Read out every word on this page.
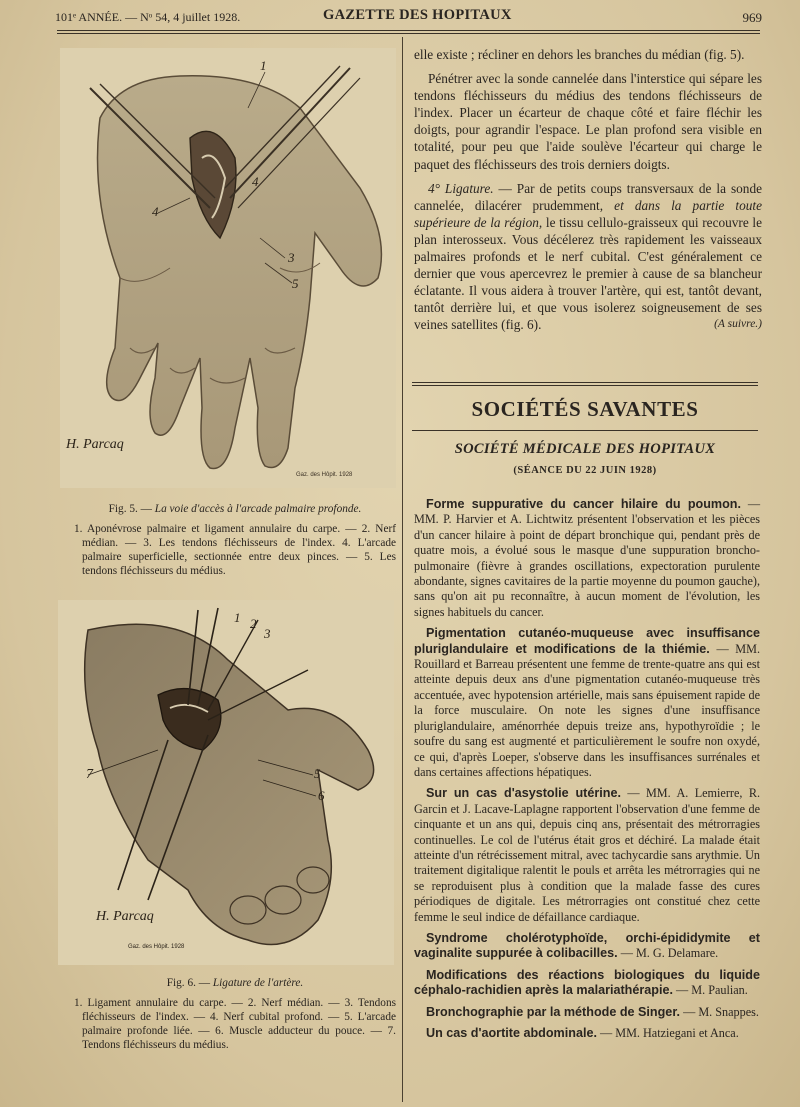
101ᵉ ANNÉE. — Nᵒ 54, 4 juillet 1928.	GAZETTE DES HOPITAUX	969
1
4
4
3
5
H. Parcaq
Gaz. des Hôpit. 1928
Fig. 5. — La voie d'accès à l'arcade palmaire profonde.

1. Aponévrose palmaire et ligament annulaire du carpe. — 2. Nerf médian. — 3. Les tendons fléchisseurs de l'index. 4. L'arcade palmaire superficielle, sectionnée entre deux pinces. — 5. Les tendons fléchisseurs du médius.

1 2
3
7	5
6
H. Parcaq
Gaz. des Hôpit. 1928
Fig. 6. — Ligature de l'artère.

1. Ligament annulaire du carpe. — 2. Nerf médian. — 3. Tendons fléchisseurs de l'index. — 4. Nerf cubital profond. — 5. L'arcade palmaire profonde liée. — 6. Muscle adducteur du pouce. — 7. Tendons fléchisseurs du médius.

elle existe ; récliner en dehors les branches du médian (fig. 5).

Pénétrer avec la sonde cannelée dans l'interstice qui sépare les tendons fléchisseurs du médius des tendons fléchisseurs de l'index. Placer un écarteur de chaque côté et faire fléchir les doigts, pour agrandir l'espace. Le plan profond sera visible en totalité, pour peu que l'aide soulève l'écarteur qui charge le paquet des fléchisseurs des trois derniers doigts.

4° Ligature. — Par de petits coups transversaux de la sonde cannelée, dilacérer prudemment, et dans la partie toute supérieure de la région, le tissu cellulo-graisseux qui recouvre le plan interosseux. Vous décélerez très rapidement les vaisseaux palmaires profonds et le nerf cubital. C'est généralement ce dernier que vous apercevrez le premier à cause de sa blancheur éclatante. Il vous aidera à trouver l'artère, qui est, tantôt devant, tantôt derrière lui, et que vous isolerez soigneusement de ses veines satellites (fig. 6).	(A suivre.)

SOCIÉTÉS SAVANTES
SOCIÉTÉ MÉDICALE DES HOPITAUX
(SÉANCE DU 22 JUIN 1928)

Forme suppurative du cancer hilaire du poumon. — MM. P. Harvier et A. Lichtwitz présentent l'observation et les pièces d'un cancer hilaire à point de départ bronchique qui, pendant près de quatre mois, a évolué sous le masque d'une suppuration broncho-pulmonaire (fièvre à grandes oscillations, expectoration purulente abondante, signes cavitaires de la partie moyenne du poumon gauche), sans qu'on ait pu reconnaître, à aucun moment de l'évolution, les signes habituels du cancer.

Pigmentation cutanéo-muqueuse avec insuffisance pluriglandulaire et modifications de la thiémie. — MM. Rouillard et Barreau présentent une femme de trente-quatre ans qui est atteinte depuis deux ans d'une pigmentation cutanéo-muqueuse très accentuée, avec hypotension artérielle, mais sans épuisement rapide de la force musculaire. On note les signes d'une insuffisance pluriglandulaire, aménorrhée depuis treize ans, hypothyroïdie ; le soufre du sang est augmenté et particulièrement le soufre non oxydé, ce qui, d'après Loeper, s'observe dans les insuffisances surrénales et dans certaines affections hépatiques.

Sur un cas d'asystolie utérine. — MM. A. Lemierre, R. Garcin et J. Lacave-Laplagne rapportent l'observation d'une femme de cinquante et un ans qui, depuis cinq ans, présentait des métrorragies continuelles. Le col de l'utérus était gros et déchiré. La malade était atteinte d'un rétrécissement mitral, avec tachycardie sans arythmie. Un traitement digitalique ralentit le pouls et arrêta les métrorragies qui ne se reproduisent plus à condition que la malade fasse des cures périodiques de digitale. Les métrorragies ont constitué chez cette femme le seul indice de défaillance cardiaque.

Syndrome cholérotyphoïde, orchi-épididymite et vaginalite suppurée à colibacilles. — M. G. Delamare.

Modifications des réactions biologiques du liquide céphalo-rachidien après la malariathérapie. — M. Paulian.

Bronchographie par la méthode de Singer. — M. Snappes.

Un cas d'aortite abdominale. — MM. Hatziegani et Anca.
